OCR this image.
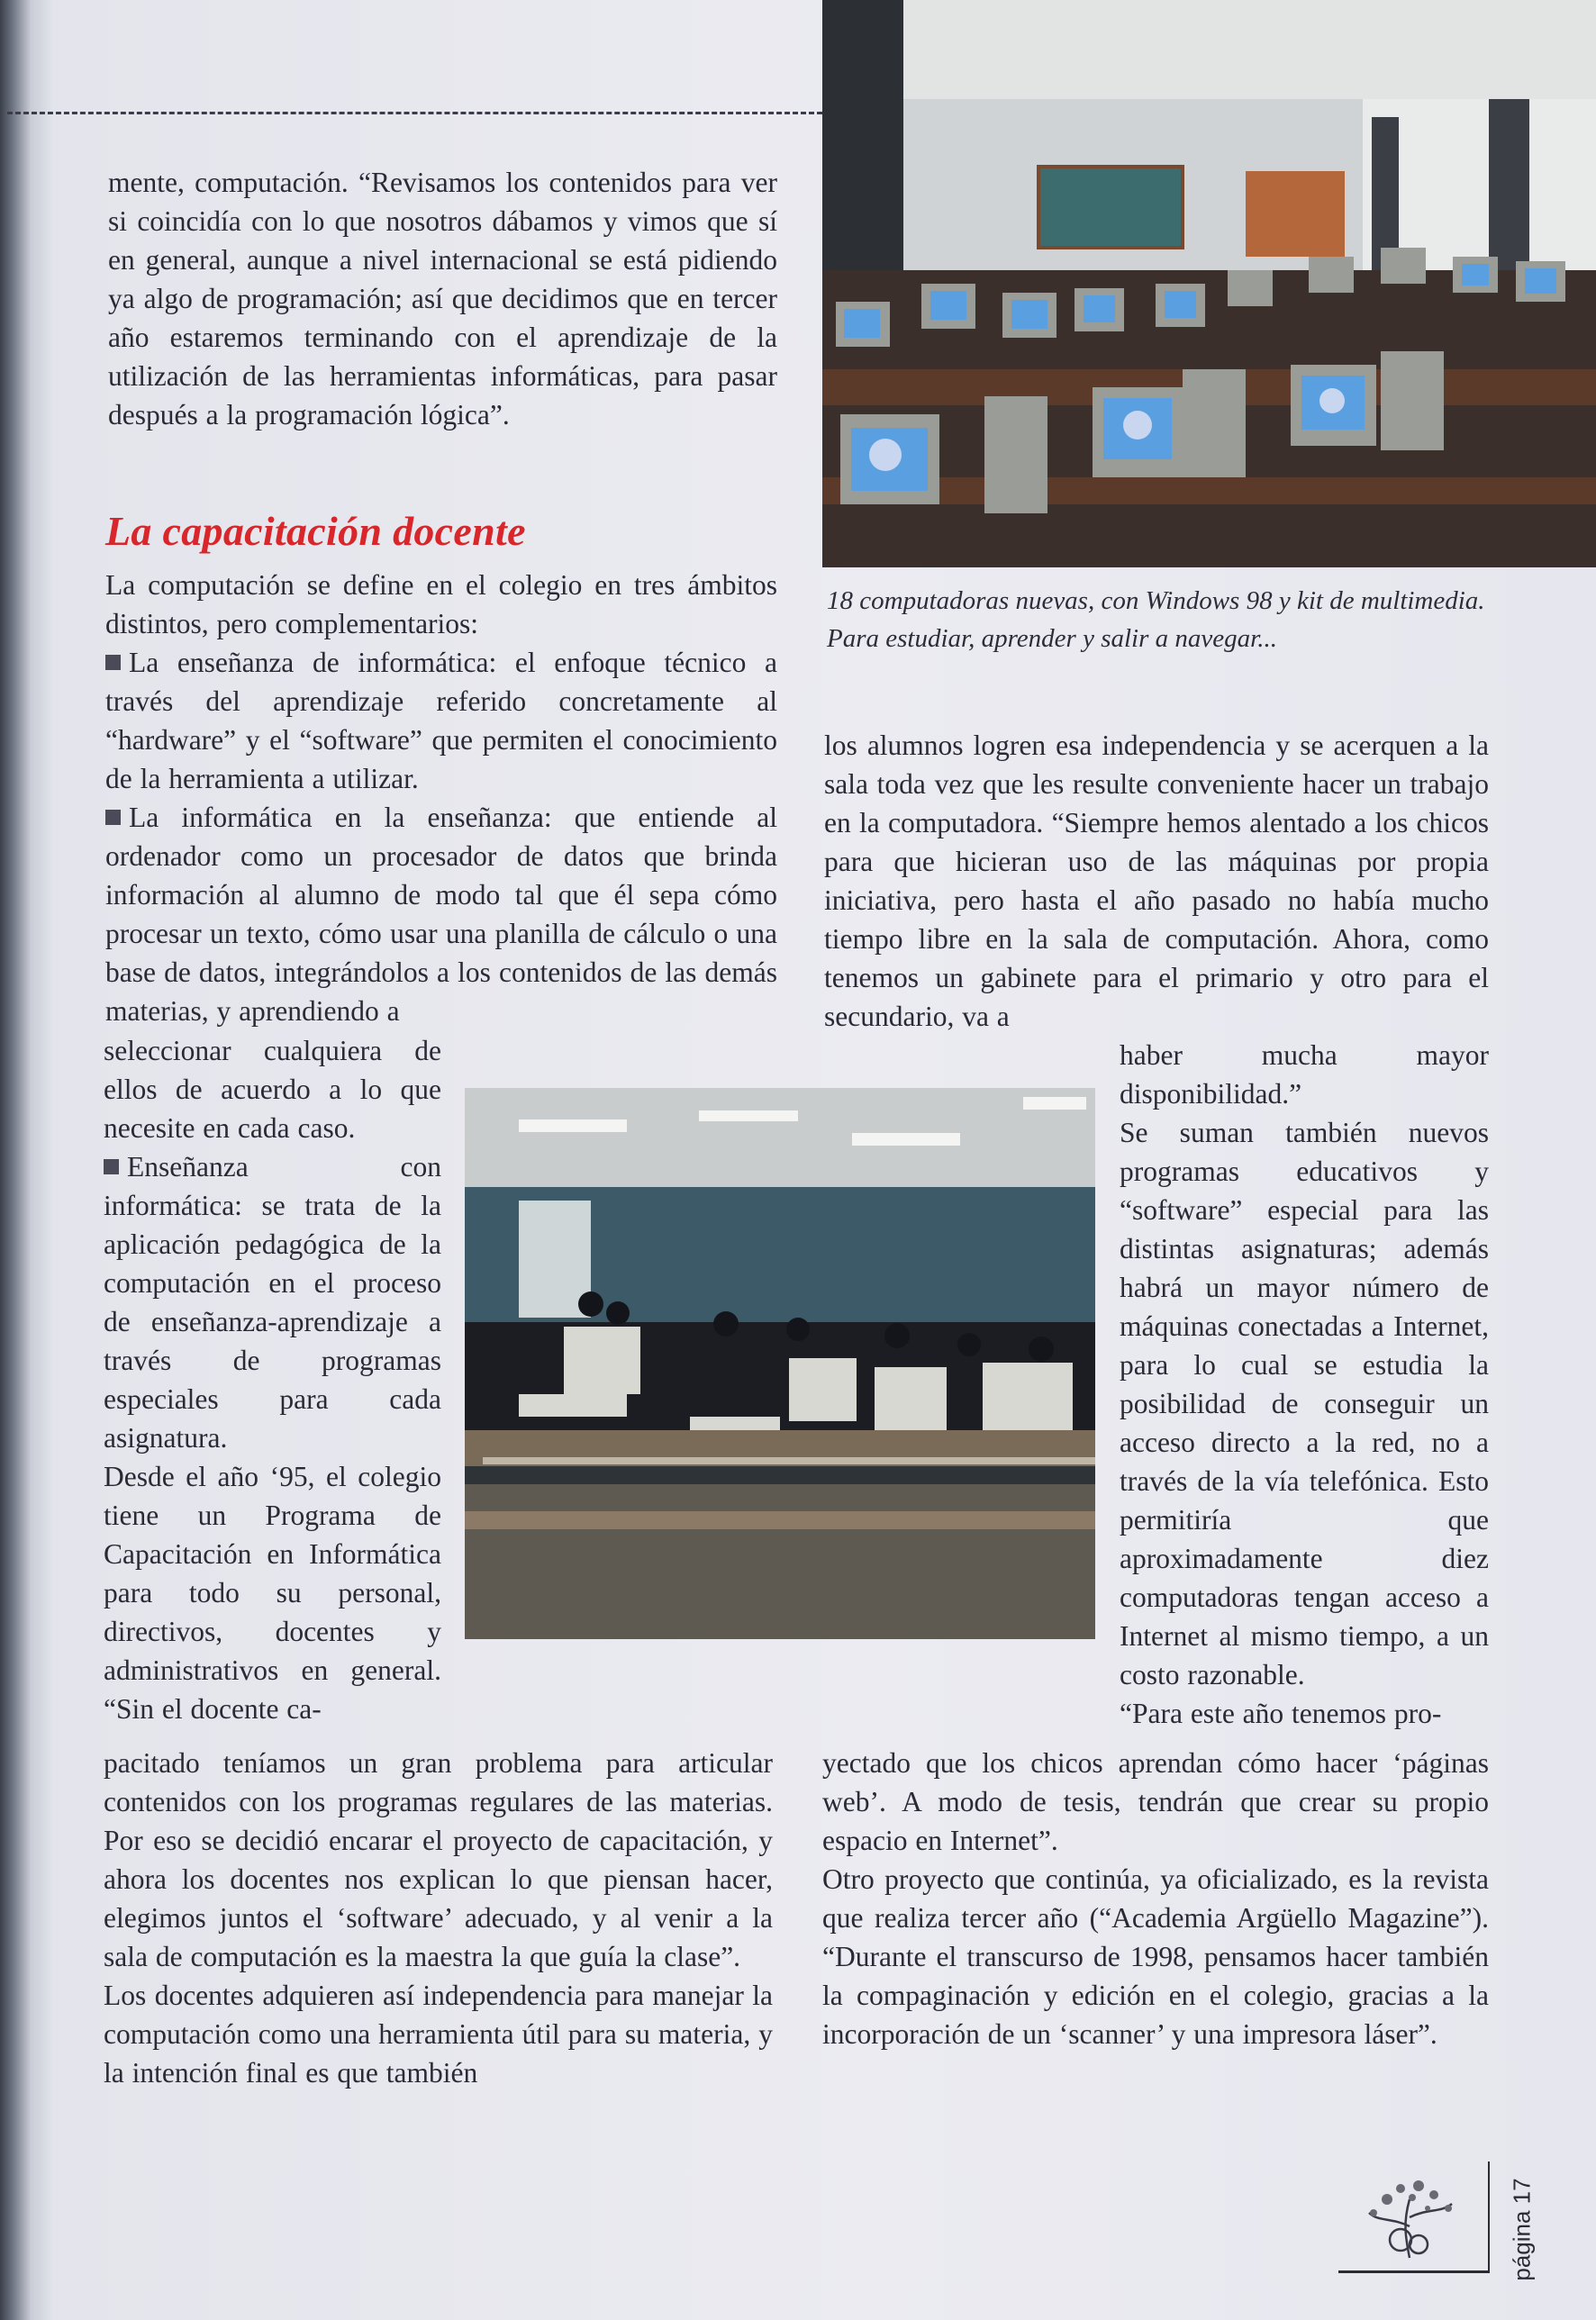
mente, computación. “Revisamos los contenidos para ver si coincidía con lo que nosotros dábamos y vimos que sí en general, aunque a nivel internacional se está pidiendo ya algo de programación; así que decidimos que en tercer año estaremos terminando con el aprendizaje de la utilización de las herramientas informáticas, para pasar después a la programación lógica”.

La capacitación docente

La computación se define en el colegio en tres ámbitos distintos, pero complementarios:

La enseñanza de informática: el enfoque técnico a través del aprendizaje referido concretamente al “hardware” y el “software” que permiten el conocimiento de la herramienta a utilizar.

La informática en la enseñanza: que entiende al ordenador como un procesador de datos que brinda información al alumno de modo tal que él sepa cómo procesar un texto, cómo usar una planilla de cálculo o una base de datos, integrándolos a los contenidos de las demás materias, y aprendiendo a

seleccionar cualquiera de ellos de acuerdo a lo que necesite en cada caso.

Enseñanza con informática: se trata de la aplicación pedagógica de la computación en el proceso de enseñanza-aprendizaje a través de programas especiales para cada asignatura.

Desde el año ‘95, el colegio tiene un Programa de Capacitación en Informática para todo su personal, directivos, docentes y administrativos en general. “Sin el docente ca-

pacitado teníamos un gran problema para articular contenidos con los programas regulares de las materias. Por eso se decidió encarar el proyecto de capacitación, y ahora los docentes nos explican lo que piensan hacer, elegimos juntos el ‘software’ adecuado, y al venir a la sala de computación es la maestra la que guía la clase”.

Los docentes adquieren así independencia para manejar la computación como una herramienta útil para su materia, y la intención final es que también

18 computadoras nuevas, con Windows 98 y kit de multimedia. Para estudiar, aprender y salir a navegar...

los alumnos logren esa independencia y se acerquen a la sala toda vez que les resulte conveniente hacer un trabajo en la computadora. “Siempre hemos alentado a los chicos para que hicieran uso de las máquinas por propia iniciativa, pero hasta el año pasado no había mucho tiempo libre en la sala de computación. Ahora, como tenemos un gabinete para el primario y otro para el secundario, va a

haber mucha mayor disponibilidad.”

Se suman también nuevos programas educativos y “software” especial para las distintas asignaturas; además habrá un mayor número de máquinas conectadas a Internet, para lo cual se estudia la posibilidad de conseguir un acceso directo a la red, no a través de la vía telefónica. Esto permitiría que aproximadamente diez computadoras tengan acceso a Internet al mismo tiempo, a un costo razonable.

“Para este año tenemos pro-

yectado que los chicos aprendan cómo hacer ‘páginas web’. A modo de tesis, tendrán que crear su propio espacio en Internet”.

Otro proyecto que continúa, ya oficializado, es la revista que realiza tercer año (“Academia Argüello Magazine”). “Durante el transcurso de 1998, pensamos hacer también la compaginación y edición en el colegio, gracias a la incorporación de un ‘scanner’ y una impresora láser”.

página 17
